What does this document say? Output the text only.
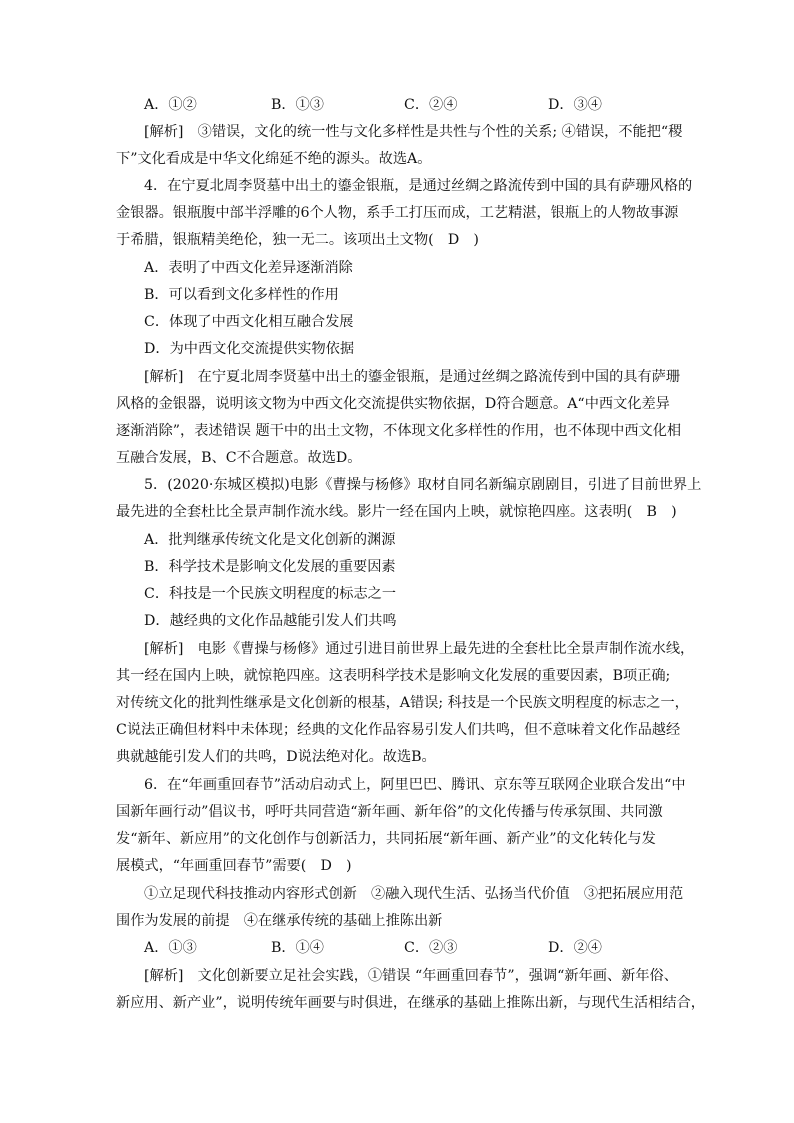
A．①②	B．①③	C．②④	D．③④
[解析]　③错误，文化的统一性与文化多样性是共性与个性的关系; ④错误，不能把“稷
下”文化看成是中华文化绵延不绝的源头。故选A。
4．在宁夏北周李贤墓中出土的鎏金银瓶，是通过丝绸之路流传到中国的具有萨珊风格的
金银器。银瓶腹中部半浮雕的6个人物，系手工打压而成，工艺精湛，银瓶上的人物故事源
于希腊，银瓶精美绝伦，独一无二。该项出土文物(　D　)
A．表明了中西文化差异逐渐消除
B．可以看到文化多样性的作用
C．体现了中西文化相互融合发展
D．为中西文化交流提供实物依据
[解析]　在宁夏北周李贤墓中出土的鎏金银瓶，是通过丝绸之路流传到中国的具有萨珊
风格的金银器，说明该文物为中西文化交流提供实物依据，D符合题意。A“中西文化差异
逐渐消除”，表述错误 题干中的出土文物，不体现文化多样性的作用，也不体现中西文化相
互融合发展，B、C不合题意。故选D。
5．(2020·东城区模拟)电影《曹操与杨修》取材自同名新编京剧剧目，引进了目前世界上
最先进的全套杜比全景声制作流水线。影片一经在国内上映，就惊艳四座。这表明(　B　)
A．批判继承传统文化是文化创新的渊源
B．科学技术是影响文化发展的重要因素
C．科技是一个民族文明程度的标志之一
D．越经典的文化作品越能引发人们共鸣
[解析]　电影《曹操与杨修》通过引进目前世界上最先进的全套杜比全景声制作流水线，
其一经在国内上映，就惊艳四座。这表明科学技术是影响文化发展的重要因素，B项正确;
对传统文化的批判性继承是文化创新的根基，A错误; 科技是一个民族文明程度的标志之一，
C说法正确但材料中未体现；经典的文化作品容易引发人们共鸣，但不意味着文化作品越经
典就越能引发人们的共鸣，D说法绝对化。故选B。
6．在“年画重回春节”活动启动式上，阿里巴巴、腾讯、京东等互联网企业联合发出“中
国新年画行动”倡议书，呼吁共同营造“新年画、新年俗”的文化传播与传承氛围、共同激
发“新年、新应用”的文化创作与创新活力，共同拓展“新年画、新产业”的文化转化与发
展模式，“年画重回春节”需要(　D　)
①立足现代科技推动内容形式创新　②融入现代生活、弘扬当代价值　③把拓展应用范
围作为发展的前提　④在继承传统的基础上推陈出新
A．①③	B．①④	C．②③	D．②④
[解析]　文化创新要立足社会实践，①错误 “年画重回春节”，强调“新年画、新年俗、
新应用、新产业”，说明传统年画要与时俱进，在继承的基础上推陈出新，与现代生活相结合，
